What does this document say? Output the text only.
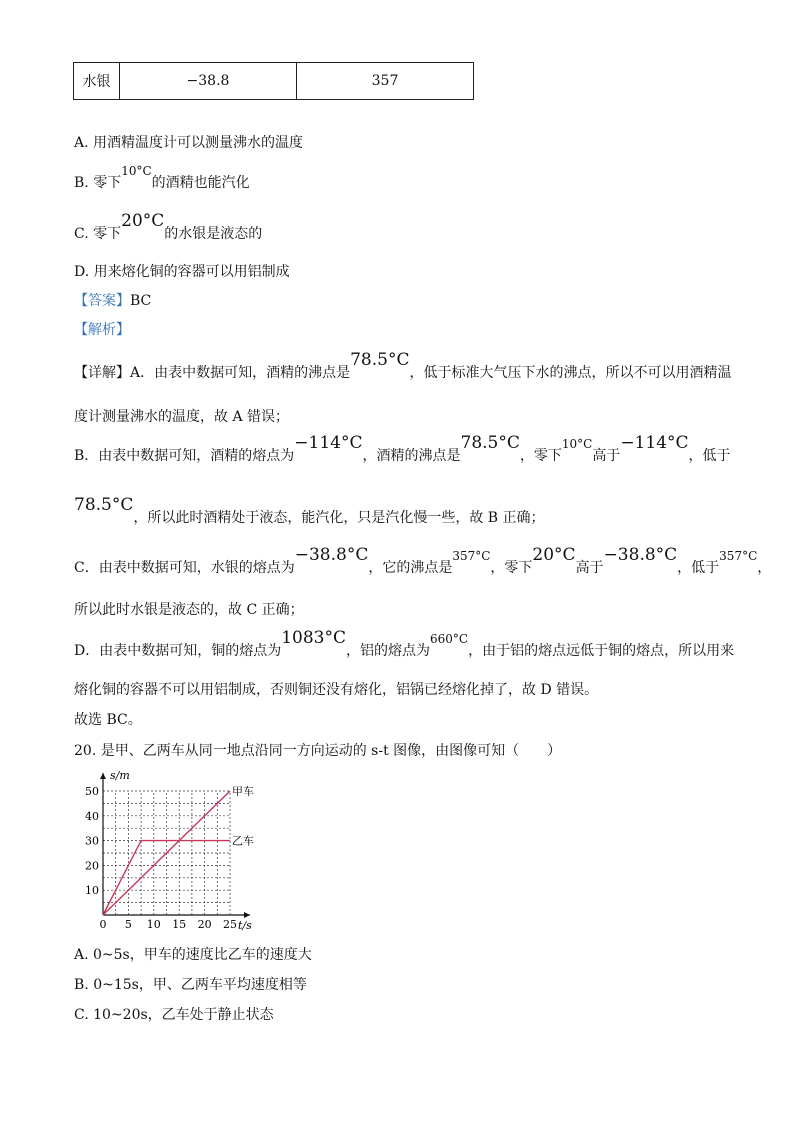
水银	−38.8	357
A. 用酒精温度计可以测量沸水的温度
B. 零下10°C的酒精也能汽化
C. 零下20°C的水银是液态的
D. 用来熔化铜的容器可以用铝制成
【答案】BC
【解析】
【详解】A．由表中数据可知，酒精的沸点是78.5°C，低于标准大气压下水的沸点，所以不可以用酒精温
度计测量沸水的温度，故 A 错误；
B．由表中数据可知，酒精的熔点为−114°C，酒精的沸点是78.5°C，零下10°C高于−114°C，低于
78.5°C，所以此时酒精处于液态，能汽化，只是汽化慢一些，故 B 正确；
C．由表中数据可知，水银的熔点为−38.8°C，它的沸点是357°C，零下20°C高于−38.8°C，低于357°C，
所以此时水银是液态的，故 C 正确；
D．由表中数据可知，铜的熔点为1083°C，铝的熔点为660°C，由于铝的熔点远低于铜的熔点，所以用来
熔化铜的容器不可以用铝制成，否则铜还没有熔化，铝锅已经熔化掉了，故 D 错误。
故选 BC。
20. 是甲、乙两车从同一地点沿同一方向运动的 s-t 图像，由图像可知（　　）
0 5 10 15 20 25
10
20
30
40
50	甲车
乙车
s/m
t/s
A. 0~5s，甲车的速度比乙车的速度大
B. 0~15s，甲、乙两车平均速度相等
C. 10~20s，乙车处于静止状态
